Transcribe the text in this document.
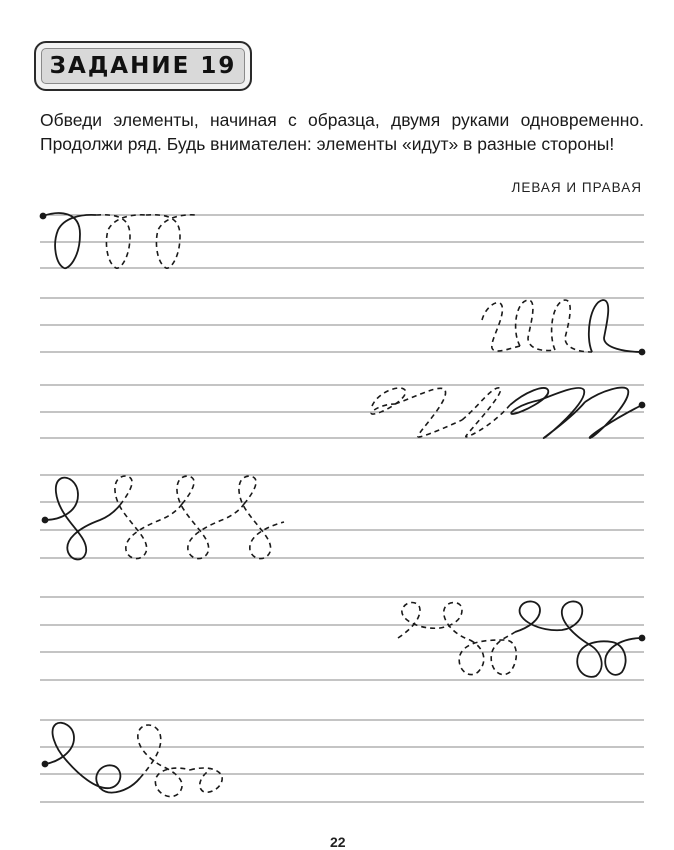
ЗАДАНИЕ 19

Обведи элементы, начиная с образца, двумя руками одновременно. Продолжи ряд. Будь внимателен: элементы «идут» в разные стороны!

ЛЕВАЯ И ПРАВАЯ
22
